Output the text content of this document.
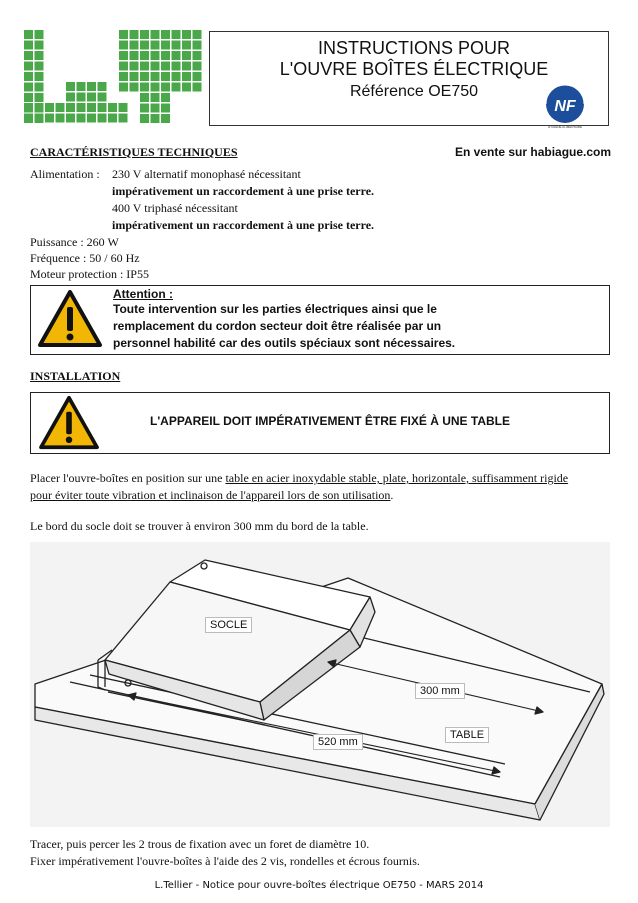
INSTRUCTIONS POUR
L'OUVRE BOÎTES ÉLECTRIQUE
Référence OE750
NF
HYGIÈNE ALIMENTAIRE
CARACTÉRISTIQUES TECHNIQUES	En vente sur habiague.com
Alimentation : 230 V alternatif monophasé nécessitant
impérativement un raccordement à une prise terre.
400 V triphasé nécessitant
impérativement un raccordement à une prise terre.
Puissance : 260 W
Fréquence : 50 / 60 Hz
Moteur protection : IP55
Attention :
Toute intervention sur les parties électriques ainsi que le
remplacement du cordon secteur doit être réalisée par un
personnel habilité car des outils spéciaux sont nécessaires.
INSTALLATION
L'APPAREIL DOIT IMPÉRATIVEMENT ÊTRE FIXÉ À UNE TABLE
Placer l'ouvre-boîtes en position sur une table en acier inoxydable stable, plate, horizontale, suffisamment rigide
pour éviter toute vibration et inclinaison de l'appareil lors de son utilisation.
Le bord du socle doit se trouver à environ 300 mm du bord de la table.
SOCLE
300 mm
520 mm
TABLE
Tracer, puis percer les 2 trous de fixation avec un foret de diamètre 10.
Fixer impérativement l'ouvre-boîtes à l'aide des 2 vis, rondelles et écrous fournis.
L.Tellier - Notice pour ouvre-boîtes électrique OE750 - MARS 2014
